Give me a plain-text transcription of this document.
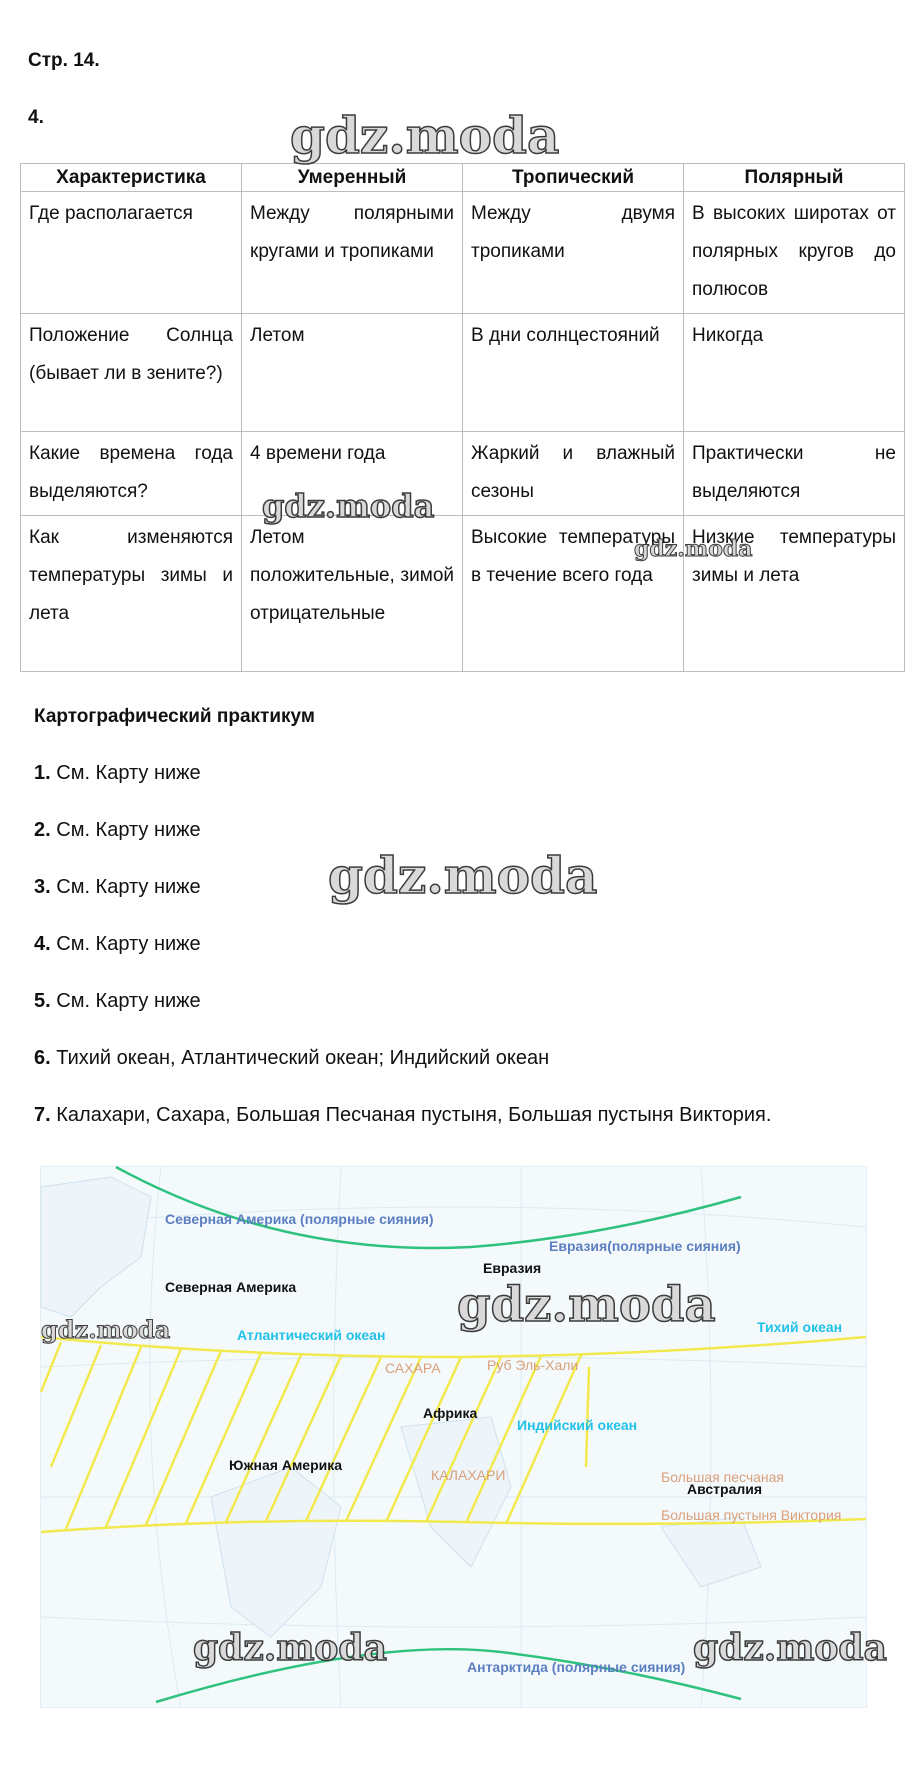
Стр. 14.
4.
Характеристика	Умеренный	Тропический	Полярный
Где располагается	Между полярными кругами и тропиками	Между двумя тропиками	В высоких широтах от полярных кругов до полюсов
Положение Солнца (бывает ли в зените?)	Летом	В дни солнцестояний	Никогда
Какие времена года выделяются?	4 времени года	Жаркий и влажный сезоны	Практически не выделяются
Как изменяются температуры зимы и лета	Летом положительные, зимой отрицательные	Высокие температуры в течение всего года	Низкие температуры зимы и лета
gdz.moda
gdz.moda
gdz.moda
Картографический практикум
1. См. Карту ниже
2. См. Карту ниже
3. См. Карту ниже
4. См. Карту ниже
5. См. Карту ниже
6. Тихий океан, Атлантический океан; Индийский океан
7. Калахари, Сахара, Большая Песчаная пустыня, Большая пустыня Виктория.
gdz.moda
Северная Америка (полярные сияния)
Евразия(полярные сияния)
Евразия
Северная Америка
Атлантический океан	Тихий океан
САХАРА	Руб Эль-Хали
Африка
Индийский океан
Южная Америка
КАЛАХАРИ	Большая песчаная
Австралия
Большая пустыня Виктория
Антарктида (полярные сияния)
gdz.moda
gdz.moda
gdz.moda	gdz.moda
